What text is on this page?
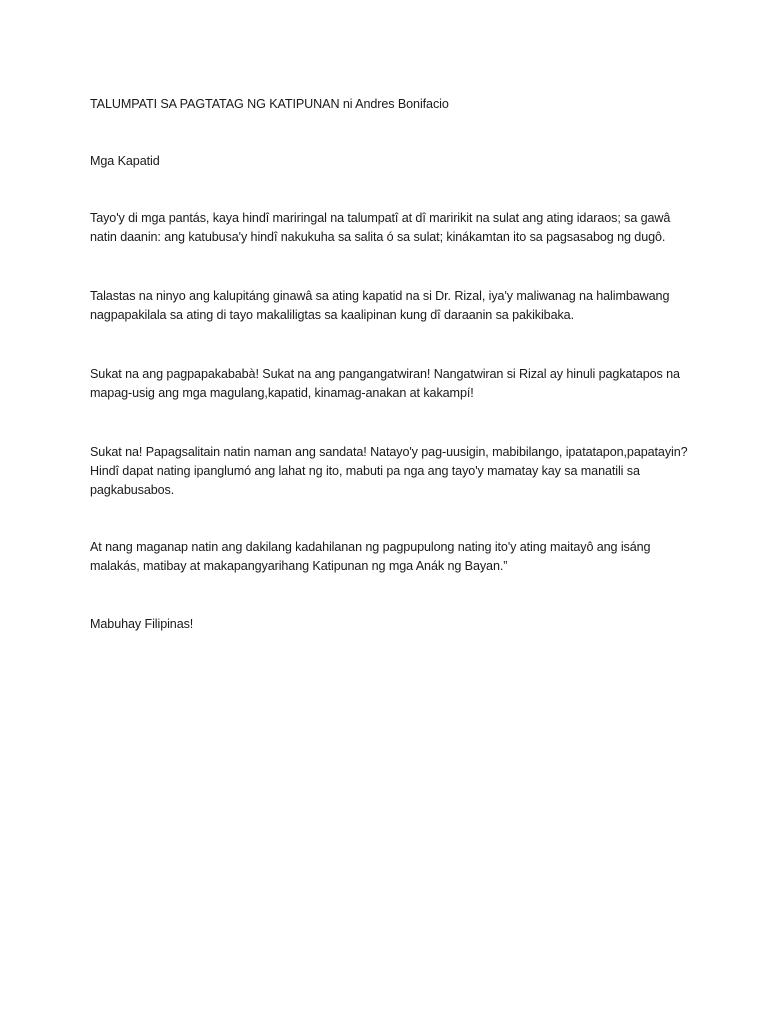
TALUMPATI SA PAGTATAG NG KATIPUNAN ni Andres Bonifacio

Mga Kapatid

Tayo'y di mga pantás, kaya hindî mariringal na talumpatî at dî maririkit na sulat ang ating idaraos; sa gawâ natin daanin: ang katubusa'y hindî nakukuha sa salita ó sa sulat; kinákamtan ito sa pagsasabog ng dugô.

Talastas na ninyo ang kalupitáng ginawâ sa ating kapatid na si Dr. Rizal, iya'y maliwanag na halimbawang nagpapakilala sa ating di tayo makaliligtas sa kaalipinan kung dî daraanin sa pakikibaka.

Sukat na ang pagpapakababà! Sukat na ang pangangatwiran! Nangatwiran si Rizal ay hinuli pagkatapos na mapag-usig ang mga magulang,kapatid, kinamag-anakan at kakampí!

Sukat na! Papagsalitain natin naman ang sandata! Natayo'y pag-uusigin, mabibilango, ipatatapon,papatayin? Hindî dapat nating ipanglumó ang lahat ng ito, mabuti pa nga ang tayo'y mamatay kay sa manatili sa pagkabusabos.

At nang maganap natin ang dakilang kadahilanan ng pagpupulong nating ito'y ating maitayô ang isáng malakás, matibay at makapangyarihang Katipunan ng mga Anák ng Bayan.”

Mabuhay Filipinas!
